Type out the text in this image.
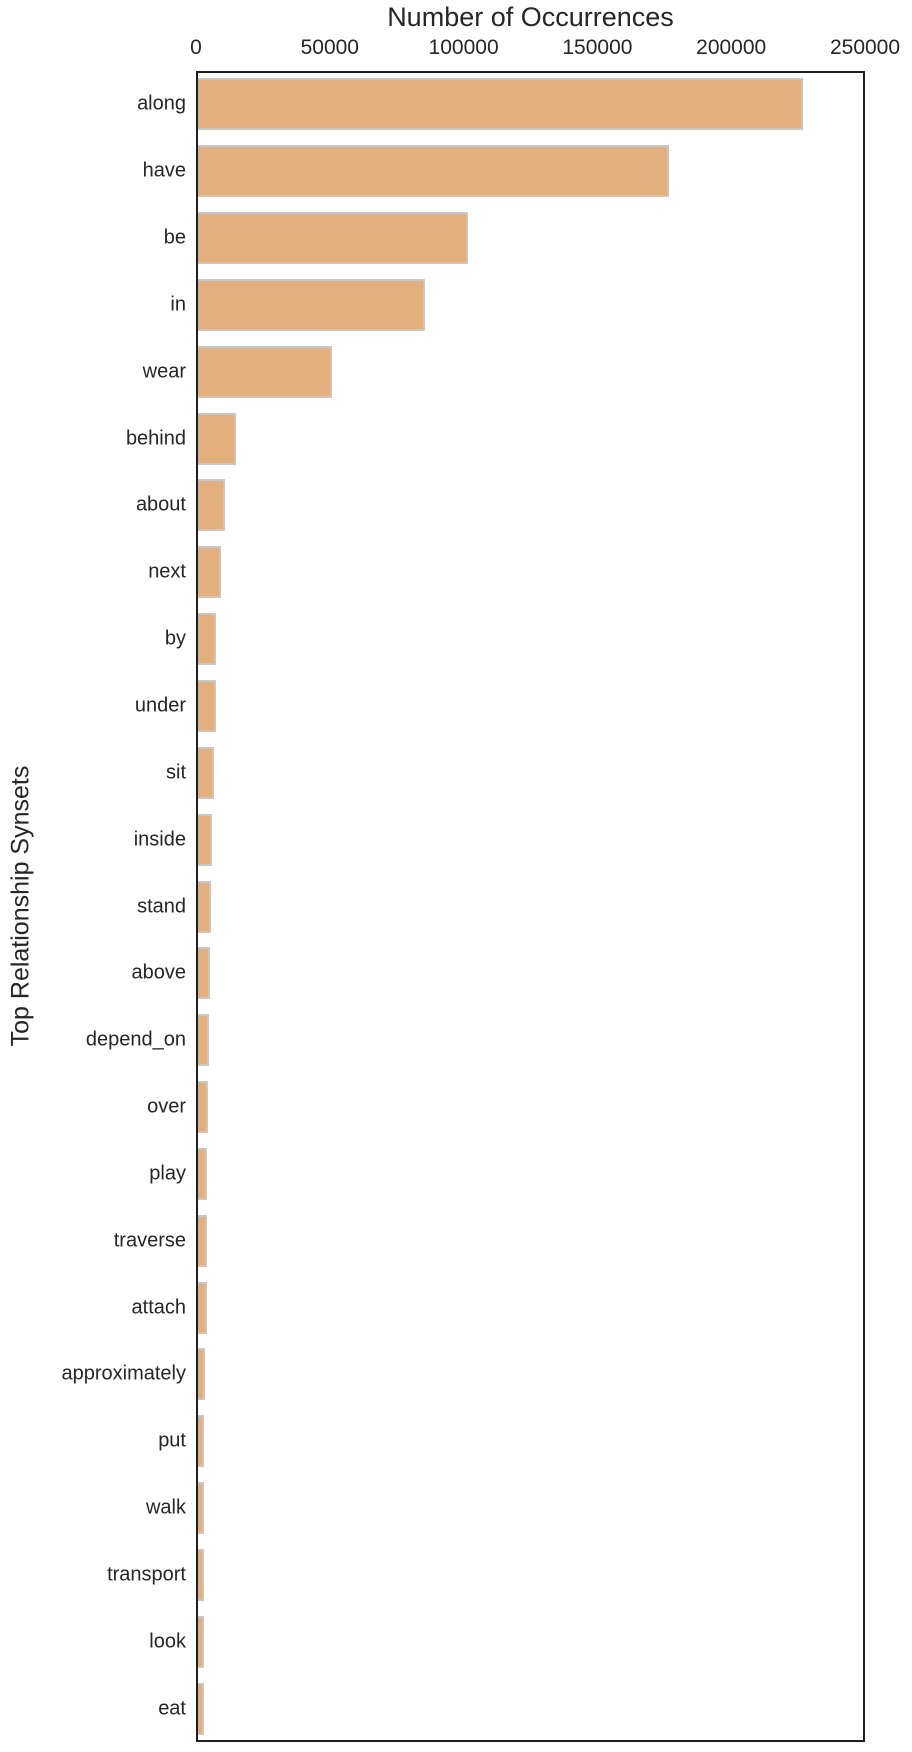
Number of Occurrences
0	50000	100000	150000	200000	250000
along
have
be
in
wear
behind
about
next
by
under
sit
inside
stand
above
depend_on
over
play
traverse
attach
approximately
put
walk
transport
look
eat
Top Relationship Synsets
